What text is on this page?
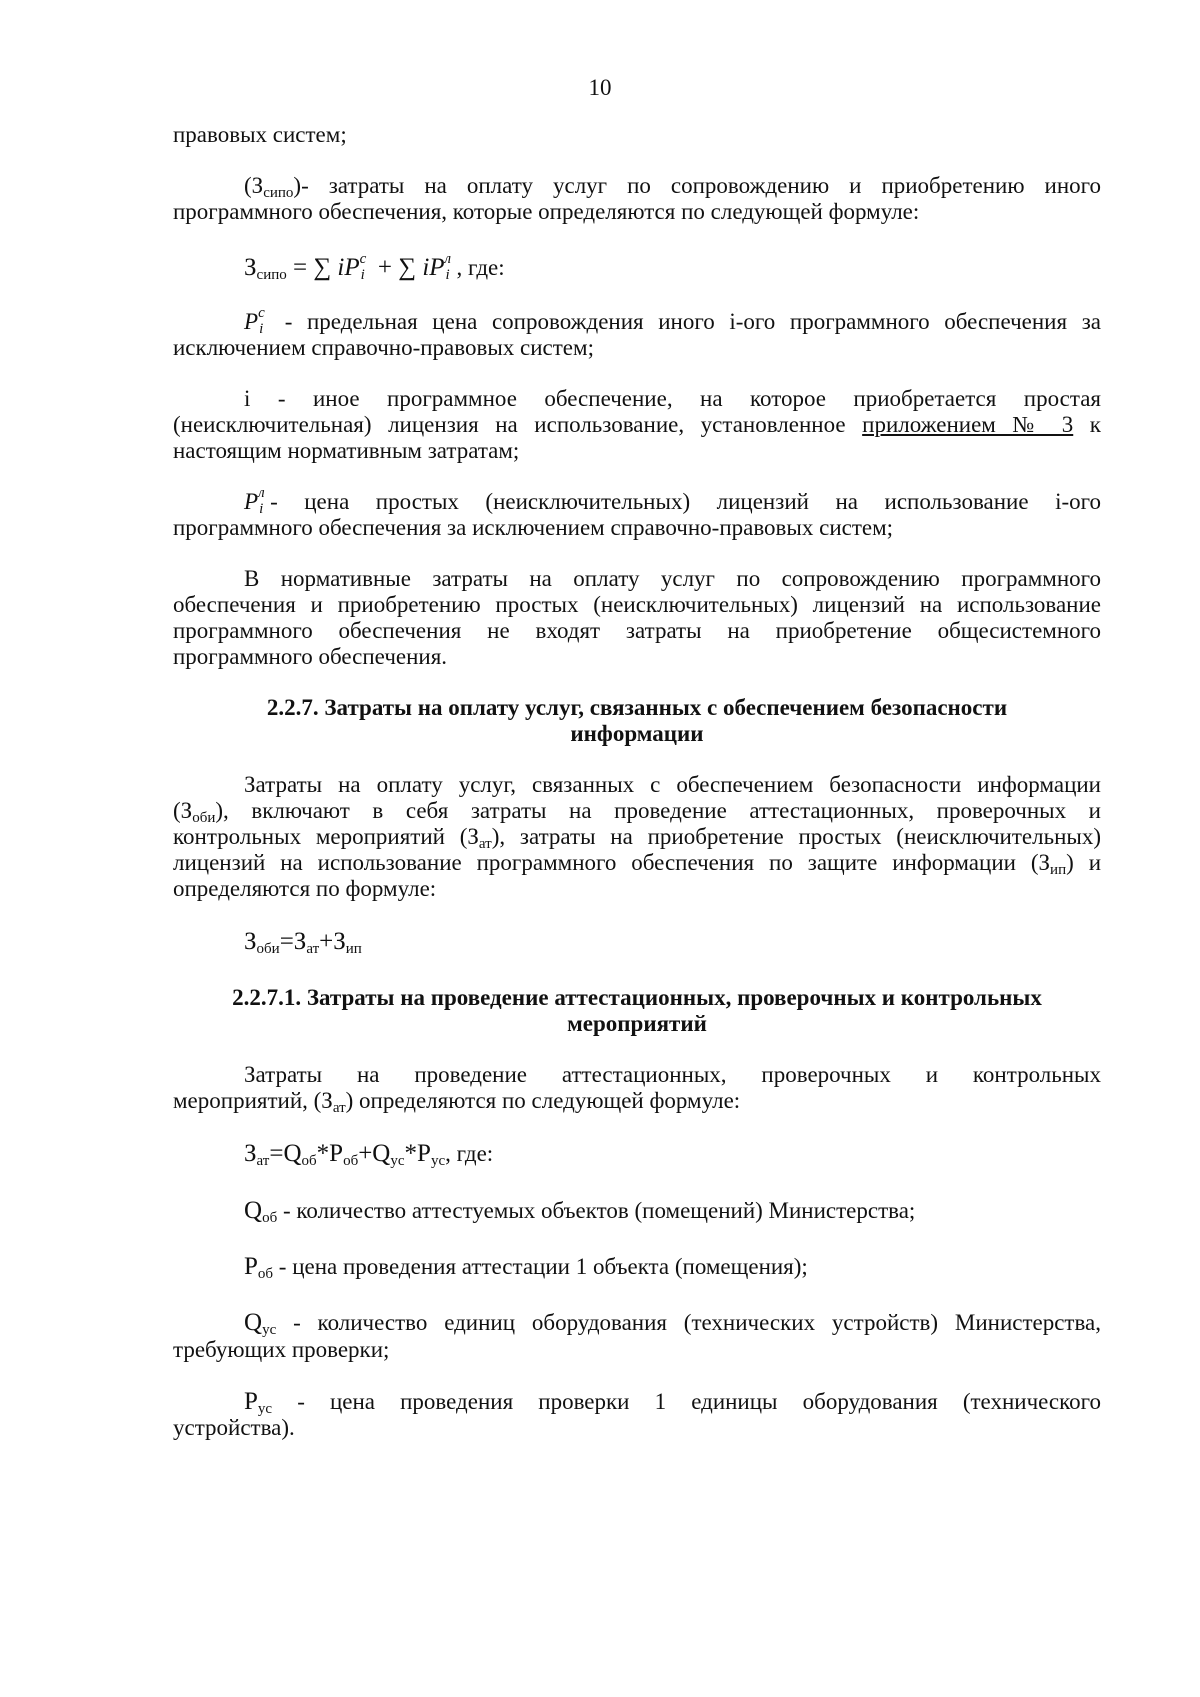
10
правовых систем;
$(З_{сипо})-$ затраты на оплату услуг по сопровождению и приобретению иного
программного обеспечения, которые определяются по следующей формуле:
$З_{сипо}$ = ∑ iP с
i + ∑ iP л
i , где:
P с
i - предельная цена сопровождения иного i-ого программного обеспечения за
исключением справочно-правовых систем;
i - иное программное обеспечение, на которое приобретается простая
(неисключительная) лицензия на использование, установленное приложением № 3 к
настоящим нормативным затратам;
P л
i - цена простых (неисключительных) лицензий на использование i-ого
программного обеспечения за исключением справочно-правовых систем;
В нормативные затраты на оплату услуг по сопровождению программного
обеспечения и приобретению простых (неисключительных) лицензий на использование
программного обеспечения не входят затраты на приобретение общесистемного
программного обеспечения.
2.2.7. Затраты на оплату услуг, связанных с обеспечением безопасности
информации
Затраты на оплату услуг, связанных с обеспечением безопасности информации
$(З_{оби})$, включают в себя затраты на проведение аттестационных, проверочных и
контрольных мероприятий $(З_{ат})$, затраты на приобретение простых (неисключительных)
лицензий на использование программного обеспечения по защите информации $(З_{ип})$ и
определяются по формуле:
$З_{оби}=З_{ат}+З_{ип}$
2.2.7.1. Затраты на проведение аттестационных, проверочных и контрольных
мероприятий
Затраты на проведение аттестационных, проверочных и контрольных
мероприятий, $(З_{ат})$ определяются по следующей формуле:
$З_{ат}=Q_{об}*P_{об}+Q_{ус}*P_{ус}$, где:
$Q_{об}$ - количество аттестуемых объектов (помещений) Министерства;
$P_{об}$ - цена проведения аттестации 1 объекта (помещения);
$Q_{ус}$ - количество единиц оборудования (технических устройств) Министерства,
требующих проверки;
$P_{ус}$ - цена проведения проверки 1 единицы оборудования (технического
устройства).
